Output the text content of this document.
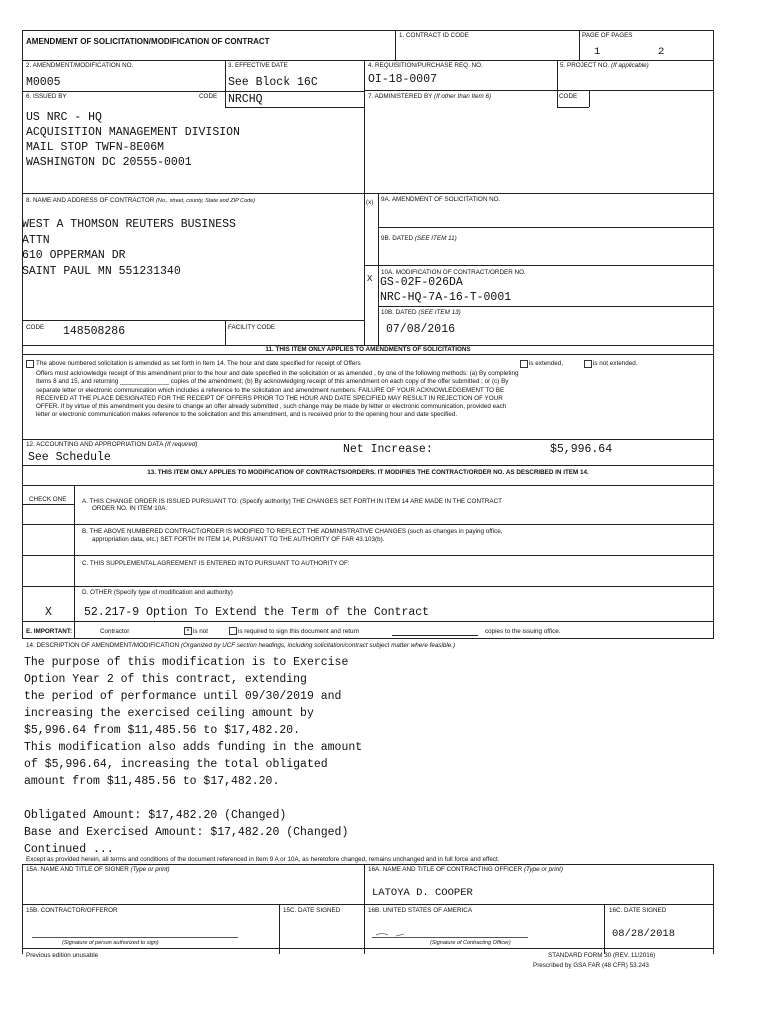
AMENDMENT OF SOLICITATION/MODIFICATION OF CONTRACT
1. CONTRACT ID CODE	PAGE OF PAGES
1	2
2. AMENDMENT/MODIFICATION NO.
M0005
3. EFFECTIVE DATE
See Block 16C
4. REQUISITION/PURCHASE REQ. NO.
OI-18-0007
5. PROJECT NO. (If applicable)
6. ISSUED BY	CODE NRCHQ	7. ADMINISTERED BY (If other than Item 6)	CODE
US NRC - HQ
ACQUISITION MANAGEMENT DIVISION
MAIL STOP TWFN-8E06M
WASHINGTON DC 20555-0001
8. NAME AND ADDRESS OF CONTRACTOR (No., street, county, State and ZIP Code)
WEST A THOMSON REUTERS BUSINESS
ATTN
610 OPPERMAN DR
SAINT PAUL MN 551231340
(x) 9A. AMENDMENT OF SOLICITATION NO.
9B. DATED (SEE ITEM 11)
X
10A. MODIFICATION OF CONTRACT/ORDER NO.
GS-02F-026DA
NRC-HQ-7A-16-T-0001
10B. DATED (SEE ITEM 13)
07/08/2016
CODE 148508286	FACILITY CODE
11. THIS ITEM ONLY APPLIES TO AMENDMENTS OF SOLICITATIONS
The above numbered solicitation is amended as set forth in Item 14. The hour and date specified for receipt of Offers	is extended,	is not extended.
Offers must acknowledge receipt of this amendment prior to the hour and date specified in the solicitation or as amended , by one of the following methods: (a) By completing
Items 8 and 15, and returning ______________ copies of the amendment; (b) By acknowledging receipt of this amendment on each copy of the offer submitted ; or (c) By
separate letter or electronic communication which includes a reference to the solicitation and amendment numbers. FAILURE OF YOUR ACKNOWLEDGEMENT TO BE
RECEIVED AT THE PLACE DESIGNATED FOR THE RECEIPT OF OFFERS PRIOR TO THE HOUR AND DATE SPECIFIED MAY RESULT IN REJECTION OF YOUR
OFFER. If by virtue of this amendment you desire to change an offer already submitted , such change may be made by letter or electronic communication, provided each
letter or electronic communication makes reference to the solicitation and this amendment, and is received prior to the opening hour and date specified.
12. ACCOUNTING AND APPROPRIATION DATA (If required)
See Schedule
Net Increase:	$5,996.64
13. THIS ITEM ONLY APPLIES TO MODIFICATION OF CONTRACTS/ORDERS. IT MODIFIES THE CONTRACT/ORDER NO. AS DESCRIBED IN ITEM 14.
CHECK ONE A. THIS CHANGE ORDER IS ISSUED PURSUANT TO: (Specify authority) THE CHANGES SET FORTH IN ITEM 14 ARE MADE IN THE CONTRACT
ORDER NO. IN ITEM 10A.
B. THE ABOVE NUMBERED CONTRACT/ORDER IS MODIFIED TO REFLECT THE ADMINISTRATIVE CHANGES (such as changes in paying office,
appropriation data, etc.) SET FORTH IN ITEM 14, PURSUANT TO THE AUTHORITY OF FAR 43.103(b).
C. THIS SUPPLEMENTAL AGREEMENT IS ENTERED INTO PURSUANT TO AUTHORITY OF:
D. OTHER (Specify type of modification and authority)
X	52.217-9 Option To Extend the Term of the Contract
E. IMPORTANT:	Contractor	× is not	is required to sign this document and return	copies to the issuing office.
14. DESCRIPTION OF AMENDMENT/MODIFICATION (Organized by UCF section headings, including solicitation/contract subject matter where feasible.)
The purpose of this modification is to Exercise
Option Year 2 of this contract, extending
the period of performance until 09/30/2019 and
increasing the exercised ceiling amount by
$5,996.64 from $11,485.56 to $17,482.20.
This modification also adds funding in the amount
of $5,996.64, increasing the total obligated
amount from $11,485.56 to $17,482.20.
Obligated Amount: $17,482.20 (Changed)
Base and Exercised Amount: $17,482.20 (Changed)
Continued ...
Except as provided herein, all terms and conditions of the document referenced in Item 9 A or 10A, as heretofore changed, remains unchanged and in full force and effect.
15A. NAME AND TITLE OF SIGNER (Type or print)	16A. NAME AND TITLE OF CONTRACTING OFFICER (Type or print)
LATOYA D. COOPER
15B. CONTRACTOR/OFFEROR	15C. DATE SIGNED	16B. UNITED STATES OF AMERICA	16C. DATE SIGNED
08/28/2018
(Signature of person authorized to sign)	(Signature of Contracting Officer)
Previous edition unusable	STANDARD FORM 30 (REV. 11/2016)
Prescribed by GSA FAR (48 CFR) 53.243
